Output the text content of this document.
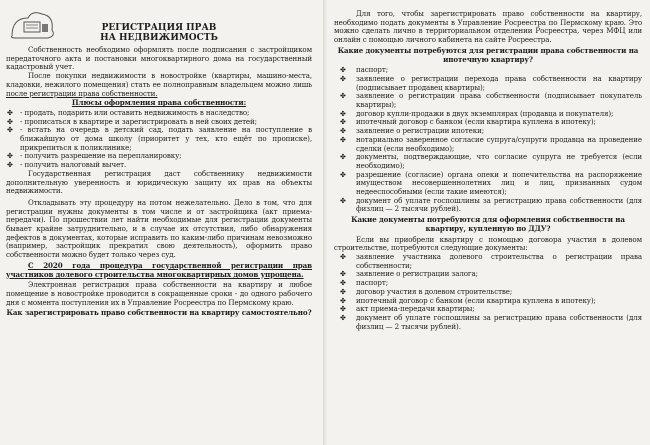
РЕГИСТРАЦИЯ ПРАВ
НА НЕДВИЖИМОСТЬ

Собственность необходимо оформлять после подписания с застройщиком передаточного акта и постановки многоквартирного дома на государственный кадастровый учет.

После покупки недвижимости в новостройке (квартиры, машино-места, кладовки, нежилого помещения) стать ее полноправным владельцем можно лишь после регистрации права собственности.

Плюсы оформления права собственности:

✤ - продать, подарить или оставить недвижимость в наследство;
✤ - прописаться в квартире и зарегистрировать в ней своих детей;
✤ - встать на очередь в детский сад, подать заявление на поступление в ближайшую от дома школу (приоритет у тех, кто ещёт по прописке), прикрепиться к поликлинике;
✤ - получить разрешение на перепланировку;
✤ - получить налоговый вычет.

Государственная регистрация даст собственнику недвижимости дополнительную уверенность и юридическую защиту их прав на объекты недвижимости.

Откладывать эту процедуру на потом нежелательно. Дело в том, что для регистрации нужны документы в том числе и от застройщика (акт приема-передачи). По прошествии лет найти необходимые для регистрации документы бывает крайне затруднительно, и в случае их отсутствия, либо обнаружения дефектов в документах, которые исправить по каким-либо причинам невозможно (например, застройщик прекратил свою деятельность), оформить право собственности можно будет только через суд.

С 2020 года процедура государственной регистрации прав участников долевого строительства многоквартирных домов упрощена.

Электронная регистрация права собственности на квартиру и любое помещение в новостройке проводится в сокращенные сроки - до одного рабочего дня с момента поступления их в Управление Росреестра по Пермскому краю.

Как зарегистрировать право собственности на квартиру самостоятельно?

Для того, чтобы зарегистрировать право собственности на квартиру, необходимо подать документы в Управление Росреестра по Пермскому краю. Это можно сделать лично в территориальном отделении Росреестра, через МФЦ или онлайн с помощью личного кабинета на сайте Росреестра.

Какие документы потребуются для регистрации права собственности на ипотечную квартиру?

✤ паспорт;
✤ заявление о регистрации перехода права собственности на квартиру (подписывает продавец квартиры);
✤ заявление о регистрации права собственности (подписывает покупатель квартиры);
✤ договор купли-продажи в двух экземплярах (продавца и покупателя);
✤ ипотечный договор с банком (если квартира куплена в ипотеку);
✤ заявление о регистрации ипотеки;
✤ нотариально заверенное согласие супруга/супруги продавца на проведение сделки (если необходимо);
✤ документы, подтверждающие, что согласие супруга не требуется (если необходимо);
✤ разрешение (согласие) органа опеки и попечительства на распоряжение имуществом несовершеннолетних лиц и лиц, признанных судом недееспособными (если такие имеются);
✤ документ об уплате госпошлины за регистрацию права собственности (для физлиц — 2 тысячи рублей).

Какие документы потребуются для оформления собственности на квартиру, купленную по ДДУ?

Если вы приобрели квартиру с помощью договора участия в долевом строительстве, потребуются следующие документы:

✤ заявление участника долевого строительства о регистрации права собственности;
✤ заявление о регистрации залога;
✤ паспорт;
✤ договор участия в долевом строительстве;
✤ ипотечный договор с банком (если квартира куплена в ипотеку);
✤ акт приема-передачи квартиры;
✤ документ об уплате госпошлины за регистрацию права собственности (для физлиц — 2 тысячи рублей).
